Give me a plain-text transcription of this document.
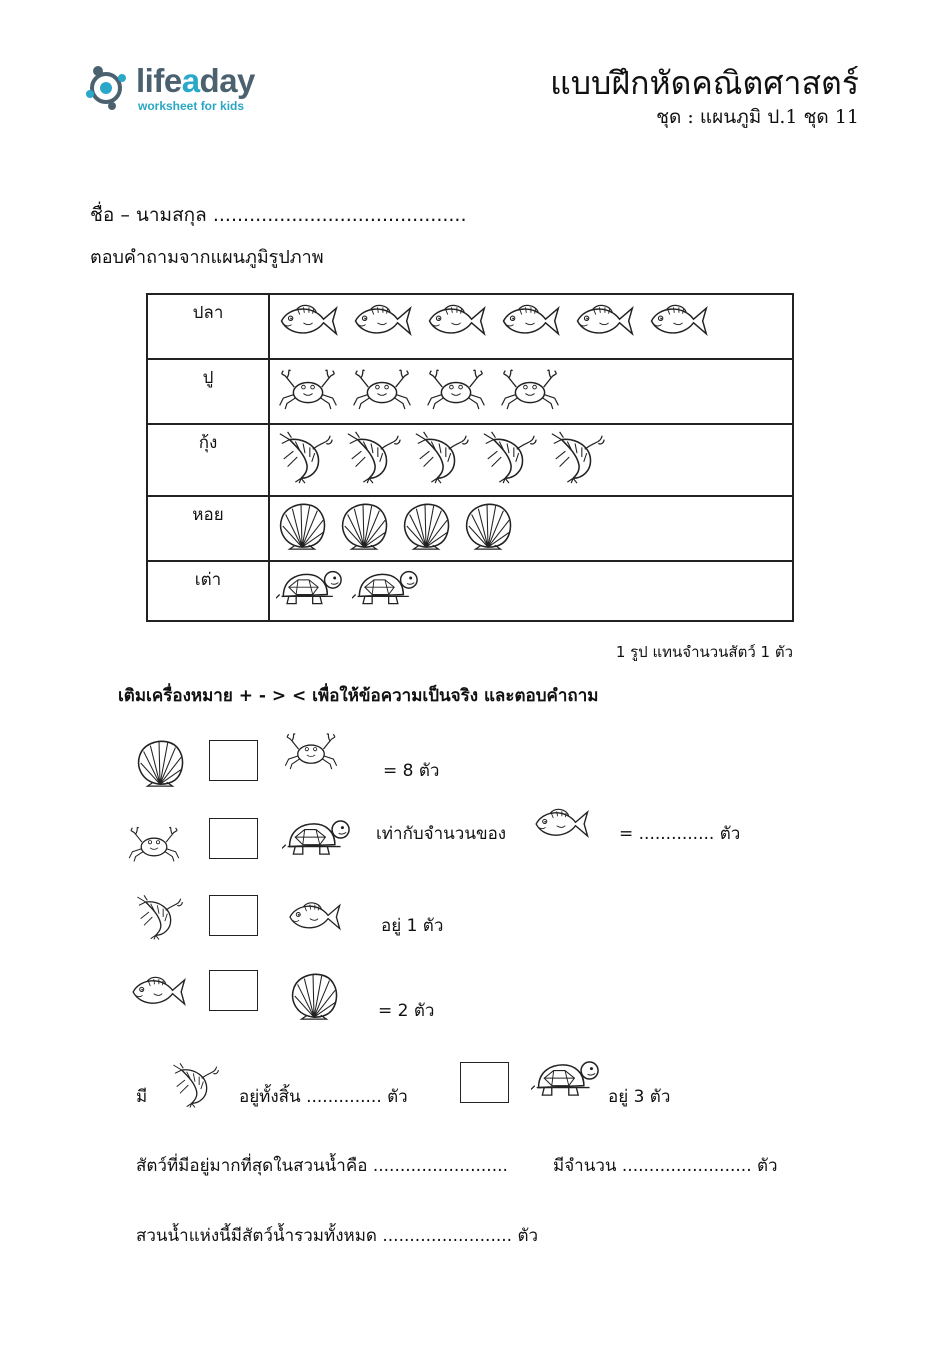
lifeaday
worksheet for kids
แบบฝึกหัดคณิตศาสตร์
ชุด : แผนภูมิ ป.1 ชุด 11
ชื่อ – นามสกุล ..........................................
ตอบคำถามจากแผนภูมิรูปภาพ
ปลา	

ปู	

กุ้ง	

หอย	

เต่า	
1 รูป แทนจำนวนสัตว์ 1 ตัว
เติมเครื่องหมาย + - > < เพื่อให้ข้อความเป็นจริง และตอบคำถาม
= 8 ตัว
เท่ากับจำนวนของ	= .............. ตัว
อยู่ 1 ตัว
= 2 ตัว
มี	อยู่ทั้งสิ้น .............. ตัว	อยู่ 3 ตัว
สัตว์ที่มีอยู่มากที่สุดในสวนน้ำคือ .........................	มีจำนวน ........................ ตัว
สวนน้ำแห่งนี้มีสัตว์น้ำรวมทั้งหมด ........................ ตัว
